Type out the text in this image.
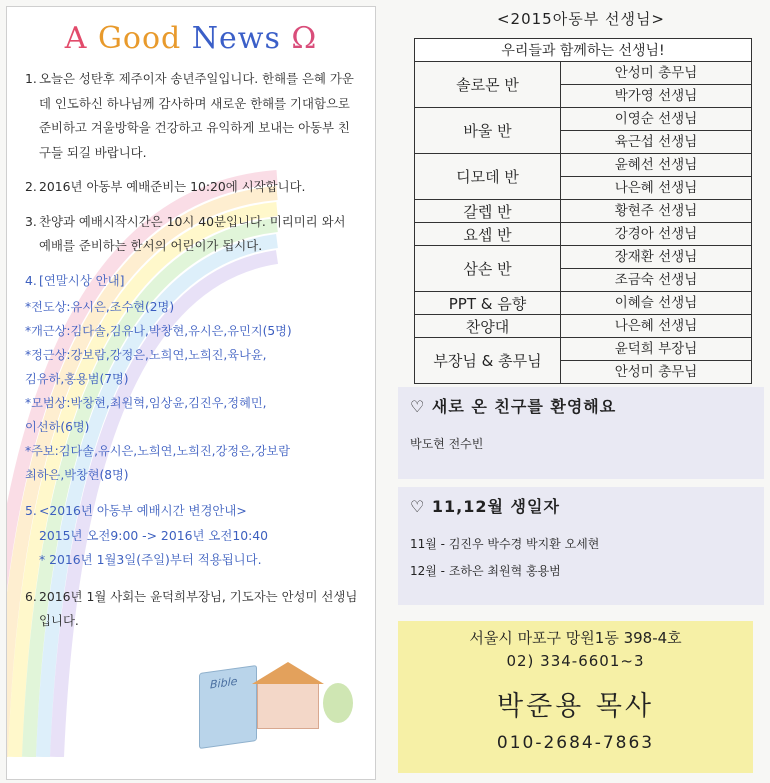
A Good News Ω
1. 오늘은 성탄후 제주이자 송년주일입니다. 한해를 은혜 가운데 인도하신 하나님께 감사하며 새로운 한해를 기대함으로 준비하고 겨울방학을 건강하고 유익하게 보내는 아동부 친구들 되길 바랍니다.
2. 2016년 아동부 예배준비는 10:20에 시작합니다.
3. 찬양과 예배시작시간은 10시 40분입니다. 미리미리 와서 예배를 준비하는 한서의 어린이가 됩시다.
4. [연말시상 안내]
*전도상:유시은,조수현(2명)
*개근상:김다솔,김유나,박창현,유시은,유민지(5명)
*정근상:강보람,강정은,노희연,노희진,육나윤,
김유하,홍용범(7명)
*모범상:박창현,최원혁,임상윤,김진우,정혜민,
이선하(6명)
*주보:김다솔,유시은,노희연,노희진,강정은,강보람
최하은,박창현(8명)
5. <2016년 아동부 예배시간 변경안내>
2015년 오전9:00 -> 2016년 오전10:40
* 2016년 1월3일(주일)부터 적용됩니다.
6. 2016년 1월 사회는 윤덕희부장님, 기도자는 안성미 선생님입니다.
Bible
<2015아동부 선생님>
우리들과 함께하는 선생님!	
솔로몬 반	안성미 총무님
	박가영 선생님
바울 반	이영순 선생님
	육근섭 선생님
디모데 반	윤혜선 선생님
	나은혜 선생님
갈렙 반	황현주 선생님
요셉 반	강경아 선생님
삼손 반	장재환 선생님
	조금숙 선생님
PPT & 음향	이혜슬 선생님
찬양대	나은혜 선생님
부장님 & 총무님	윤덕희 부장님
	안성미 총무님
♡ 새로 온 친구를 환영해요
박도현 전수빈
♡ 11,12월 생일자
11월 - 김진우 박수경 박지환 오세현
12월 - 조하은 최원혁 홍용범
서울시 마포구 망원1동 398-4호
02) 334-6601~3
박준용 목사
010-2684-7863
